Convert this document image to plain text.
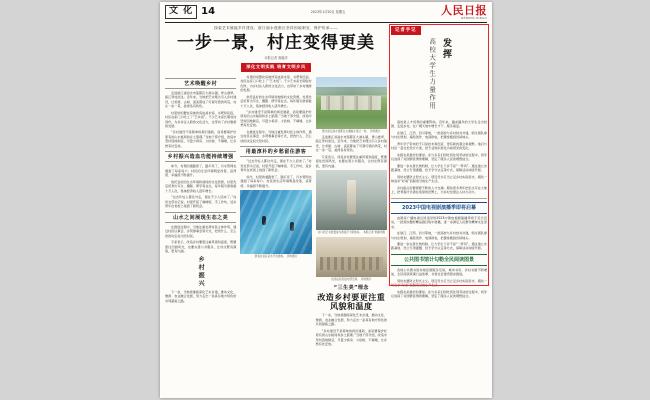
文 化 14	2023年1月20日 星期五	人民日报
RENMIN RIBAO
探索艺术赋能乡村建设，浙江丽水莲都区坚持因地制宜、保护传承——
一步一景，村庄变得更美
本报记者 窦瀚洋
深化文明实践 培育文明乡风
艺术唤醒乡村

走进浙江省丽水市莲都区大港头镇，青山叠翠，瓯江穿村而过。近年来，当地把艺术理念引入乡村建设，让老屋、古树、溪流都成了可观可感的风景，村庄一步一景，美得各有特色。

村里的闲置农房被改造成美术馆、书吧和民宿，村民在家门口吃上了“艺术饭”。不少艺术家长期驻村创作，为乡村注入新的文化活力，也带动了乡村旅游的发展。

“乡村建设不是简单的拆旧建新，而是要保护好原有的山水格局和乡土肌理。”当地干部介绍，改造中坚持因地制宜，尽量少拆房、少砍树、不填塘，让乡愁有处安放。

乡村振兴造血功能持续增强

如今，村里的道路宽了，路灯亮了，污水管网也通到了每家每户。村民的生活环境明显改善，获得感、幸福感不断提升。

依托良好的生态环境和独特的文化资源，村里先后培育出写生、摄影、研学等业态，每年吸引游客数十万人次，集体经济收入逐年增长。

“过去年轻人都往外走，现在不少人回来了。”村党支部书记说，村里开起了咖啡馆、手工作坊，返乡青年在老街上找到了新机会。

山水之间展现生态之美

在推进过程中，当地注重发挥村民主体作用，通过村民议事会、乡贤参事会等方式，把改什么、怎么改的决定权交给村民。

专家表示，改造乡村要更注重风貌和温度，既要留住田园风光，也要完善公共服务，让村庄既有颜值，更有内涵。

乡村振兴

下一步，当地将继续深化艺术乡建，推动文化、旅游、农业融合发展，努力走出一条具有地方特色的共同富裕之路。

村里的闲置农房被改造成美术馆、书吧和民宿，村民在家门口吃上了“艺术饭”。不少艺术家长期驻村创作，为乡村注入新的文化活力，也带动了乡村旅游的发展。

依托良好的生态环境和独特的文化资源，村里先后培育出写生、摄影、研学等业态，每年吸引游客数十万人次，集体经济收入逐年增长。

“乡村建设不是简单的拆旧建新，而是要保护好原有的山水格局和乡土肌理。”当地干部介绍，改造中坚持因地制宜，尽量少拆房、少砍树、不填塘，让乡愁有处安放。

在推进过程中，当地注重发挥村民主体作用，通过村民议事会、乡贤参事会等方式，把改什么、怎么改的决定权交给村民。

用最淳朴的乡愁留住游客

“过去年轻人都往外走，现在不少人回来了。”村党支部书记说，村里开起了咖啡馆、手工作坊，返乡青年在老街上找到了新机会。

如今，村里的道路宽了，路灯亮了，污水管网也通到了每家每户。村民的生活环境明显改善，获得感、幸福感不断提升。

游客在景区亲水平台游玩。　资料图片
图为浙江丽水莲都区古堰画乡景区一角。　资料图片

走进浙江省丽水市莲都区大港头镇，青山叠翠，瓯江穿村而过。近年来，当地把艺术理念引入乡村建设，让老屋、古树、溪流都成了可观可感的风景，村庄一步一景，美得各有特色。

专家表示，改造乡村要更注重风貌和温度，既要留住田园风光，也要完善公共服务，让村庄既有颜值，更有内涵。

村口的艺术装置成为游客打卡新地标。　本报记者 窦瀚洋摄
改造后的民宿内部空间。　资料图片
“三生美”理念
改造乡村要更注重风貌和温度

下一步，当地将继续深化艺术乡建，推动文化、旅游、农业融合发展，努力走出一条具有地方特色的共同富裕之路。

“乡村建设不是简单的拆旧建新，而是要保护好原有的山水格局和乡土肌理。”当地干部介绍，改造中坚持因地制宜，尽量少拆房、少砍树、不填塘，让乡愁有处安放。

记者手记
高校大学生力量作用 发挥

高校是人才培养的重要阵地。近年来，越来越多的大学生走出校园、走进乡村，在广阔天地中增长才干、服务基层。

在浙江、江西、四川等地，一批高校与乡村结对共建，师生团队参与村庄规划、墙绘创作、电商助农，把课堂搬到田间地头。

青年学子带来的不只是技术和创意，更有新的观念和视野。他们与村民一起讨论设计方案，把专业知识转化为看得见的变化。

实践也是最好的课堂。在与乡亲们同吃同住同劳动的过程中，同学们加深了对国情民情的理解，坚定了服务人民的理想信念。

要进一步完善长效机制，让大学生下乡不是“一阵风”。通过建立实践基地、设立专项课题、给予学分认定等方式，保障活动持续开展。

同时也要防止形式主义。项目设计应当立足乡村实际需求，避免一味追求“好看”而脱离当地生产生活。

乡村振兴需要源源不断的人才支撑。期待更多青年把论文写在大地上，把青春汗水洒在希望的田野上，为乡村发展注入持久动力。

2023中国电视剧演播季即将启幕

由国家广播电视总局指导的2023中国电视剧演播季将于近日启动，一批现实题材精品剧目集中展播，进一步满足人民群众精神文化需求。

在浙江、江西、四川等地，一批高校与乡村结对共建，师生团队参与村庄规划、墙绘创作、电商助农，把课堂搬到田间地头。

要进一步完善长效机制，让大学生下乡不是“一阵风”。通过建立实践基地、设立专项课题、给予学分认定等方式，保障活动持续开展。

公共图书馆计勾勒全民阅读图景

各地公共图书馆持续拓展服务空间，城市书房、乡村书屋不断增加，全民阅读氛围日益浓厚，书香社会建设稳步推进。

同时也要防止形式主义。项目设计应当立足乡村实际需求，避免一味追求“好看”而脱离当地生产生活。

实践也是最好的课堂。在与乡亲们同吃同住同劳动的过程中，同学们加深了对国情民情的理解，坚定了服务人民的理想信念。
